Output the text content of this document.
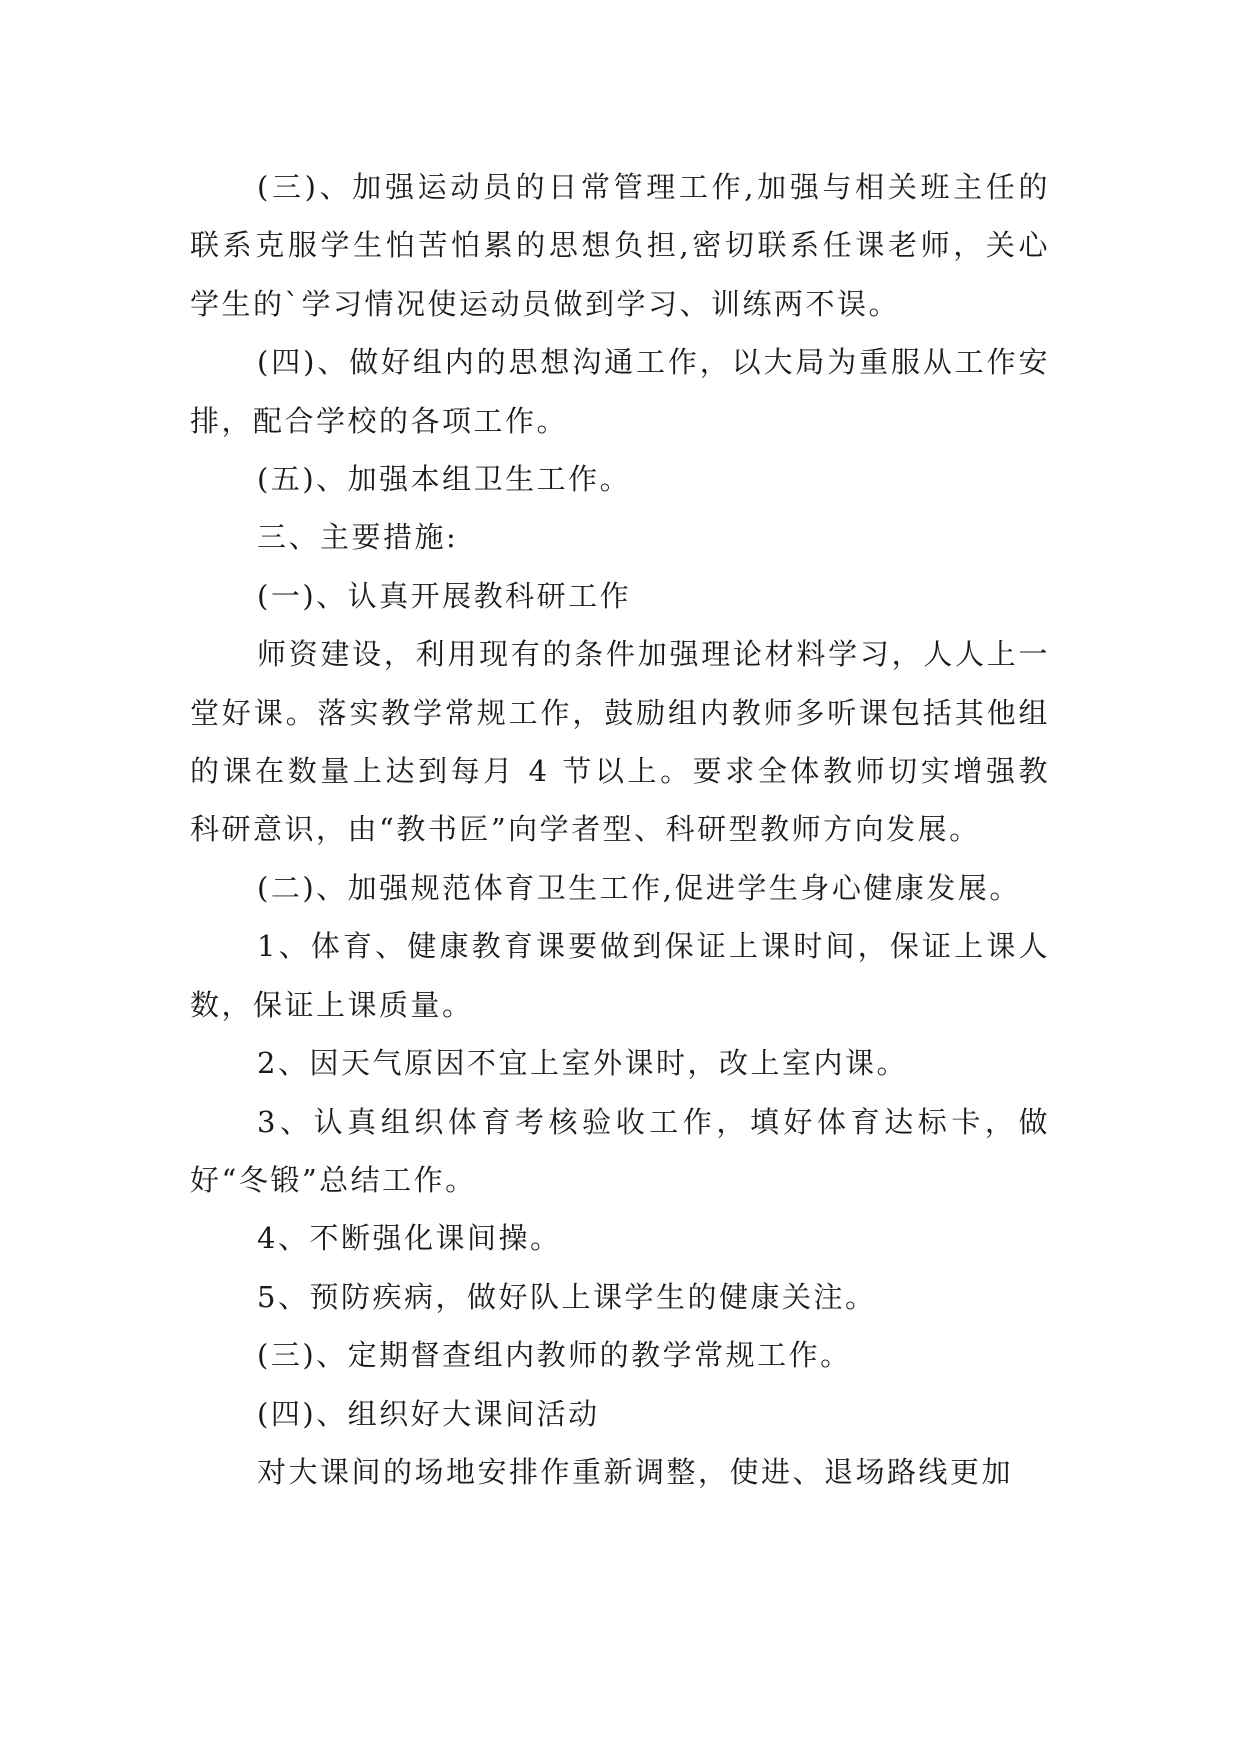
(三)、加强运动员的日常管理工作,加强与相关班主任的联系克服学生怕苦怕累的思想负担,密切联系任课老师，关心学生的`学习情况使运动员做到学习、训练两不误。

(四)、做好组内的思想沟通工作，以大局为重服从工作安排，配合学校的各项工作。

(五)、加强本组卫生工作。

三、主要措施:

(一)、认真开展教科研工作

师资建设，利用现有的条件加强理论材料学习，人人上一堂好课。落实教学常规工作，鼓励组内教师多听课包括其他组的课在数量上达到每月 4 节以上。要求全体教师切实增强教科研意识，由“教书匠”向学者型、科研型教师方向发展。

(二)、加强规范体育卫生工作,促进学生身心健康发展。

1、体育、健康教育课要做到保证上课时间，保证上课人数，保证上课质量。

2、因天气原因不宜上室外课时，改上室内课。

3、认真组织体育考核验收工作，填好体育达标卡，做好“冬锻”总结工作。

4、不断强化课间操。

5、预防疾病，做好队上课学生的健康关注。

(三)、定期督查组内教师的教学常规工作。

(四)、组织好大课间活动

对大课间的场地安排作重新调整，使进、退场路线更加
